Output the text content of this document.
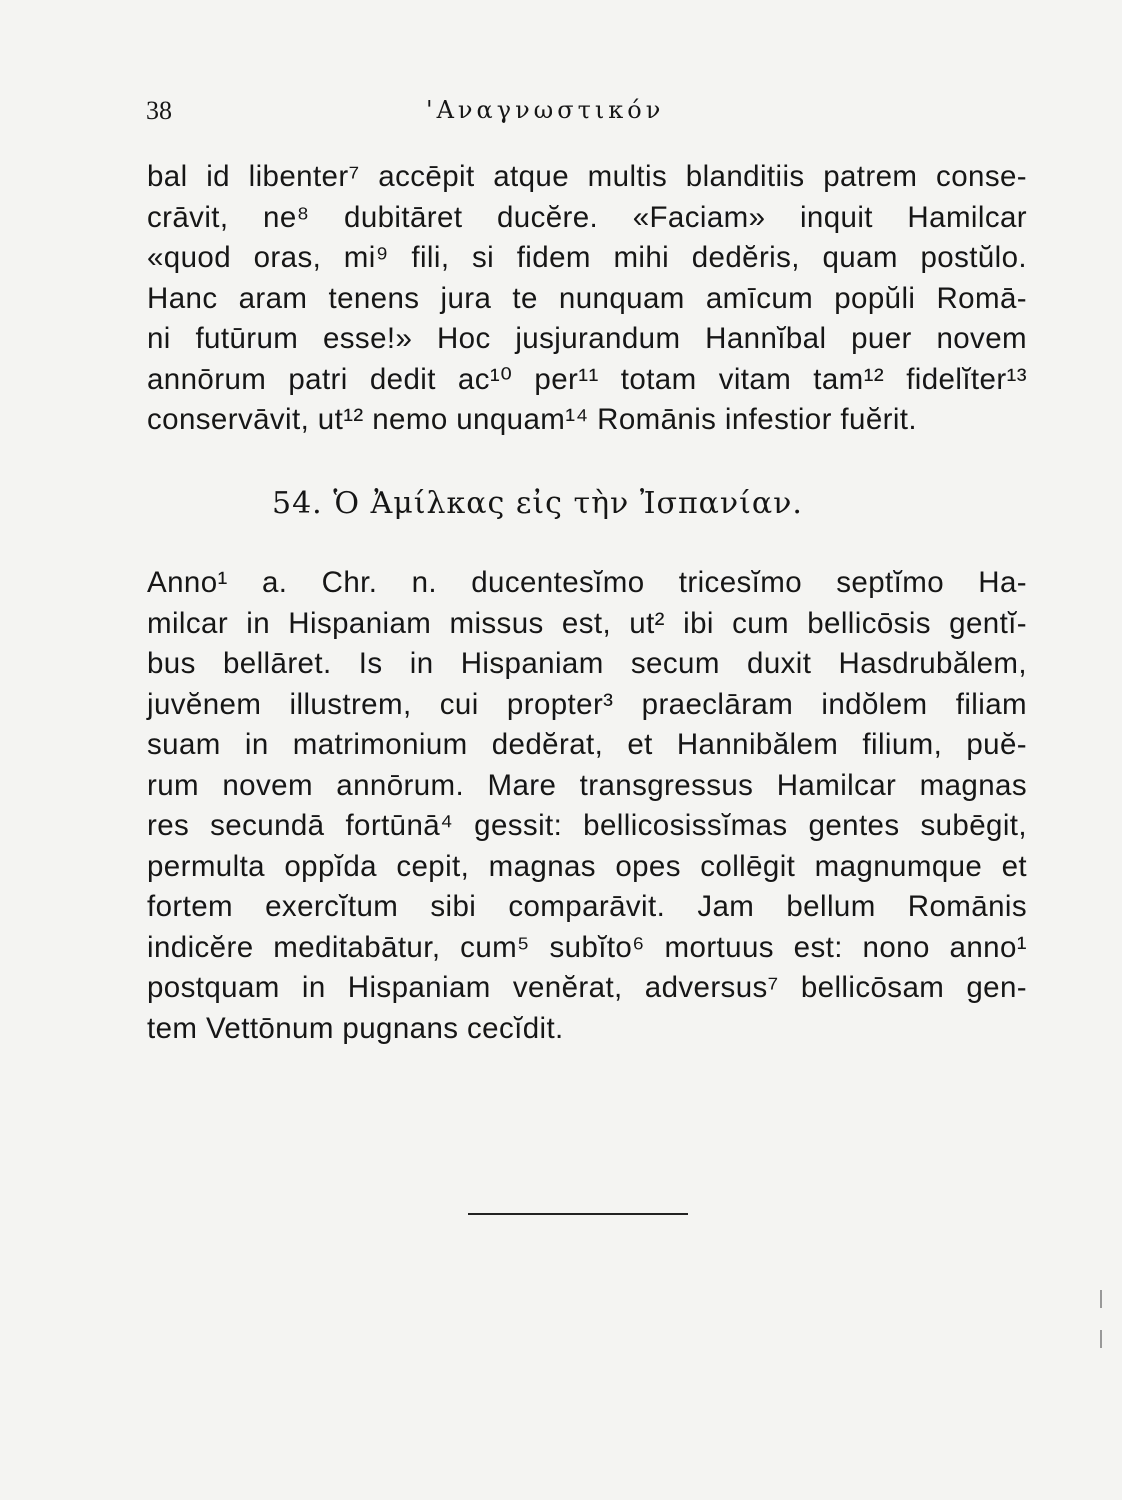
38	'Αναγνωστικόν
bal id libenter⁷ accēpit atque multis blanditiis patrem conse-
crāvit, ne⁸ dubitāret ducĕre. «Faciam» inquit Hamilcar
«quod oras, mi⁹ fili, si fidem mihi dedĕris, quam postŭlo.
Hanc aram tenens jura te nunquam amīcum popŭli Romā-
ni futūrum esse!» Hoc jusjurandum Hannĭbal puer novem
annōrum patri dedit ac¹⁰ per¹¹ totam vitam tam¹² fidelĭter¹³
conservāvit, ut¹² nemo unquam¹⁴ Romānis infestior fuĕrit.
54. Ὁ Ἀμίλκας εἰς τὴν Ἰσπανίαν.
Anno¹ a. Chr. n. ducentesĭmo tricesĭmo septĭmo Ha-
milcar in Hispaniam missus est, ut² ibi cum bellicōsis gentĭ-
bus bellāret. Is in Hispaniam secum duxit Hasdrubălem,
juvĕnem illustrem, cui propter³ praeclāram indŏlem filiam
suam in matrimonium dedĕrat, et Hannibălem filium, puĕ-
rum novem annōrum. Mare transgressus Hamilcar magnas
res secundā fortūnā⁴ gessit: bellicosissĭmas gentes subēgit,
permulta oppĭda cepit, magnas opes collēgit magnumque et
fortem exercĭtum sibi comparāvit. Jam bellum Romānis
indicĕre meditabātur, cum⁵ subĭto⁶ mortuus est: nono anno¹
postquam in Hispaniam venĕrat, adversus⁷ bellicōsam gen-
tem Vettōnum pugnans cecĭdit.
